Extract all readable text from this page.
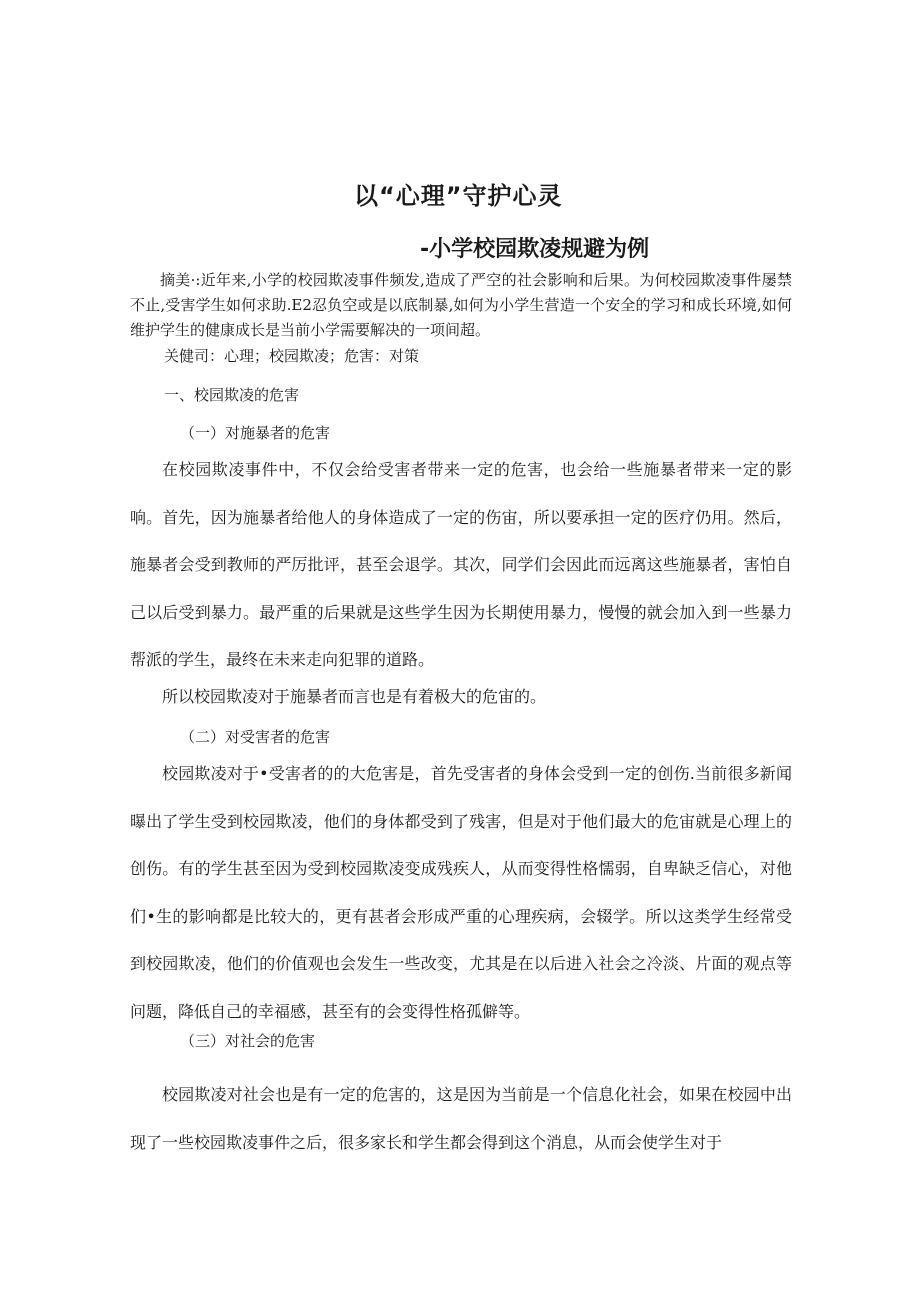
以“心理”守护心灵
-小学校园欺凌规避为例
摘美·:近年来,小学的校园欺凌事件频发,造成了严空的社会影响和后果。为何校园欺凌事件屡禁不止,受害学生如何求助.E2忍负空或是以底制暴,如何为小学生营造一个安全的学习和成长环境,如何维护学生的健康成长是当前小学需要解决的一项间超。
关健司：心理；校园欺凌；危害：对策
一、校园欺凌的危害
（一）对施暴者的危害
在校园欺凌事件中，不仅会给受害者带来一定的危害，也会给一些施暴者带来一定的影响。首先，因为施暴者给他人的身体造成了一定的伤宙，所以要承担一定的医疗仍用。然后，施暴者会受到教师的严厉批评，甚至会退学。其次，同学们会因此而远离这些施暴者，害怕自己以后受到暴力。最严重的后果就是这些学生因为长期使用暴力，慢慢的就会加入到一些暴力帮派的学生，最终在未来走向犯罪的道路。
所以校园欺凌对于施暴者而言也是有着极大的危宙的。
（二）对受害者的危害
校园欺凌对于•受害者的的大危害是，首先受害者的身体会受到一定的创伤.当前很多新闻曝出了学生受到校园欺凌，他们的身体都受到了残害，但是对于他们最大的危宙就是心理上的创伤。有的学生甚至因为受到校园欺凌变成残疾人，从而变得性格懦弱，自卑缺乏信心，对他们•生的影响都是比较大的，更有甚者会形成严重的心理疾病，会辍学。所以这类学生经常受到校园欺凌，他们的价值观也会发生一些改变，尤其是在以后进入社会之冷淡、片面的观点等问题，降低自己的幸福感，甚至有的会变得性格孤僻等。
（三）对社会的危害
校园欺凌对社会也是有一定的危害的，这是因为当前是一个信息化社会，如果在校园中出现了一些校园欺凌事件之后，很多家长和学生都会得到这个消息，从而会使学生对于
